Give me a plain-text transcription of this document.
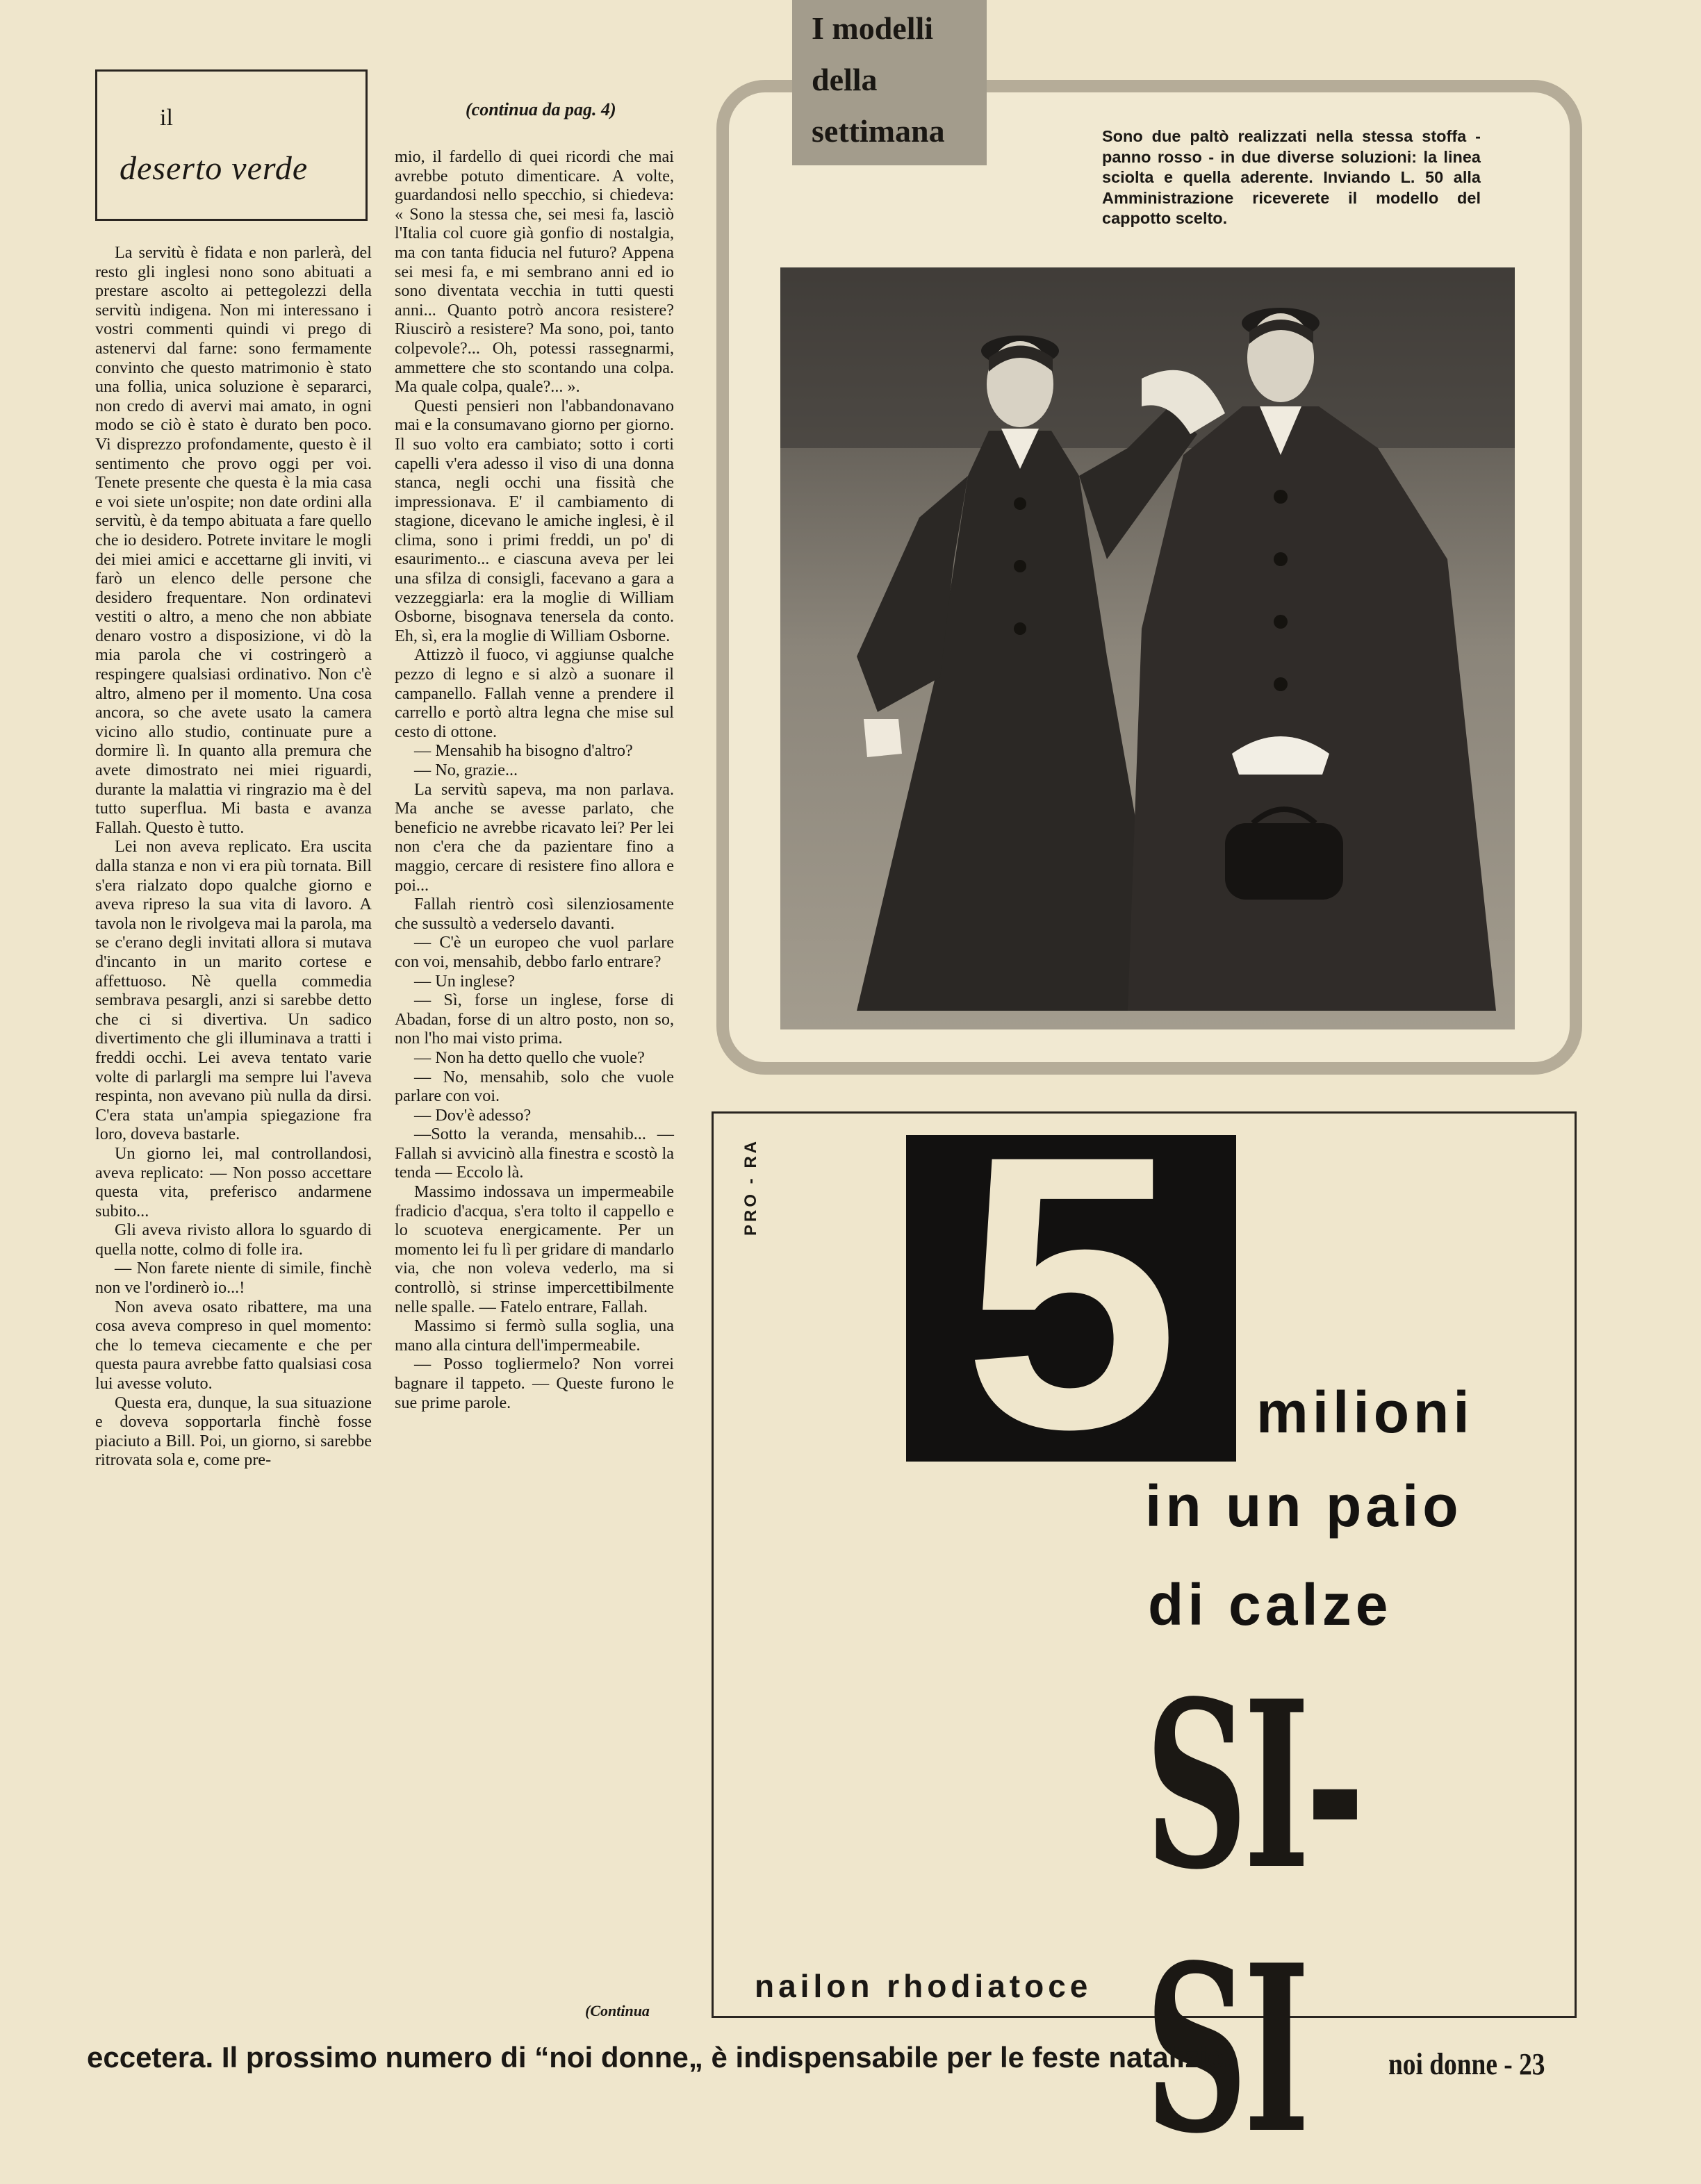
il
deserto verde
(continua da pag. 4)

La servitù è fidata e non parlerà, del resto gli inglesi nono sono abituati a prestare ascolto ai pettegolezzi della servitù indigena. Non mi interessano i vostri commenti quindi vi prego di astenervi dal farne: sono fermamente convinto che questo matrimonio è stato una follia, unica soluzione è separarci, non credo di avervi mai amato, in ogni modo se ciò è stato è durato ben poco. Vi disprezzo profondamente, questo è il sentimento che provo oggi per voi. Tenete presente che questa è la mia casa e voi siete un'ospite; non date ordini alla servitù, è da tempo abituata a fare quello che io desidero. Potrete invitare le mogli dei miei amici e accettarne gli inviti, vi farò un elenco delle persone che desidero frequentare. Non ordinatevi vestiti o altro, a meno che non abbiate denaro vostro a disposizione, vi dò la mia parola che vi costringerò a respingere qualsiasi ordinativo. Non c'è altro, almeno per il momento. Una cosa ancora, so che avete usato la camera vicino allo studio, continuate pure a dormire lì. In quanto alla premura che avete dimostrato nei miei riguardi, durante la malattia vi ringrazio ma è del tutto superflua. Mi basta e avanza Fallah. Questo è tutto.

Lei non aveva replicato. Era uscita dalla stanza e non vi era più tornata. Bill s'era rialzato dopo qualche giorno e aveva ripreso la sua vita di lavoro. A tavola non le rivolgeva mai la parola, ma se c'erano degli invitati allora si mutava d'incanto in un marito cortese e affettuoso. Nè quella commedia sembrava pesargli, anzi si sarebbe detto che ci si divertiva. Un sadico divertimento che gli illuminava a tratti i freddi occhi. Lei aveva tentato varie volte di parlargli ma sempre lui l'aveva respinta, non avevano più nulla da dirsi. C'era stata un'ampia spiegazione fra loro, doveva bastarle.

Un giorno lei, mal controllandosi, aveva replicato: — Non posso accettare questa vita, preferisco andarmene subito...

Gli aveva rivisto allora lo sguardo di quella notte, colmo di folle ira.

— Non farete niente di simile, finchè non ve l'ordinerò io...!

Non aveva osato ribattere, ma una cosa aveva compreso in quel momento: che lo temeva ciecamente e che per questa paura avrebbe fatto qualsiasi cosa lui avesse voluto.

Questa era, dunque, la sua situazione e doveva sopportarla finchè fosse piaciuto a Bill. Poi, un giorno, si sarebbe ritrovata sola e, come pre-

mio, il fardello di quei ricordi che mai avrebbe potuto dimenticare. A volte, guardandosi nello specchio, si chiedeva: « Sono la stessa che, sei mesi fa, lasciò l'Italia col cuore già gonfio di nostalgia, ma con tanta fiducia nel futuro? Appena sei mesi fa, e mi sembrano anni ed io sono diventata vecchia in tutti questi anni... Quanto potrò ancora resistere? Riuscirò a resistere? Ma sono, poi, tanto colpevole?... Oh, potessi rassegnarmi, ammettere che sto scontando una colpa. Ma quale colpa, quale?... ».

Questi pensieri non l'abbandonavano mai e la consumavano giorno per giorno. Il suo volto era cambiato; sotto i corti capelli v'era adesso il viso di una donna stanca, negli occhi una fissità che impressionava. E' il cambiamento di stagione, dicevano le amiche inglesi, è il clima, sono i primi freddi, un po' di esaurimento... e ciascuna aveva per lei una sfilza di consigli, facevano a gara a vezzeggiarla: era la moglie di William Osborne, bisognava tenersela da conto. Eh, sì, era la moglie di William Osborne.

Attizzò il fuoco, vi aggiunse qualche pezzo di legno e si alzò a suonare il campanello. Fallah venne a prendere il carrello e portò altra legna che mise sul cesto di ottone.

— Mensahib ha bisogno d'altro?

— No, grazie...

La servitù sapeva, ma non parlava. Ma anche se avesse parlato, che beneficio ne avrebbe ricavato lei? Per lei non c'era che da pazientare fino a maggio, cercare di resistere fino allora e poi...

Fallah rientrò così silenziosamente che sussultò a vederselo davanti.

— C'è un europeo che vuol parlare con voi, mensahib, debbo farlo entrare?

— Un inglese?

— Sì, forse un inglese, forse di Abadan, forse di un altro posto, non so, non l'ho mai visto prima.

— Non ha detto quello che vuole?

— No, mensahib, solo che vuole parlare con voi.

— Dov'è adesso?

—Sotto la veranda, mensahib... — Fallah si avvicinò alla finestra e scostò la tenda — Eccolo là.

Massimo indossava un impermeabile fradicio d'acqua, s'era tolto il cappello e lo scuoteva energicamente. Per un momento lei fu lì per gridare di mandarlo via, che non voleva vederlo, ma si controllò, si strinse impercettibilmente nelle spalle. — Fatelo entrare, Fallah.

Massimo si fermò sulla soglia, una mano alla cintura dell'impermeabile.

— Posso togliermelo? Non vorrei bagnare il tappeto. — Queste furono le sue prime parole.

(Continua
I modelli
della
settimana	Sono due paltò realizzati nella stessa stoffa - panno rosso - in due diverse soluzioni: la linea sciolta e quella aderente. Inviando L. 50 alla Amministrazione riceverete il modello del cappotto scelto.
PRO - RA 5	milioni
in un paio
di calze
SI-SI
nailon rhodiatoce
eccetera. Il prossimo numero di “noi donne„ è indispensabile per le feste natalizie.	noi donne - 23
